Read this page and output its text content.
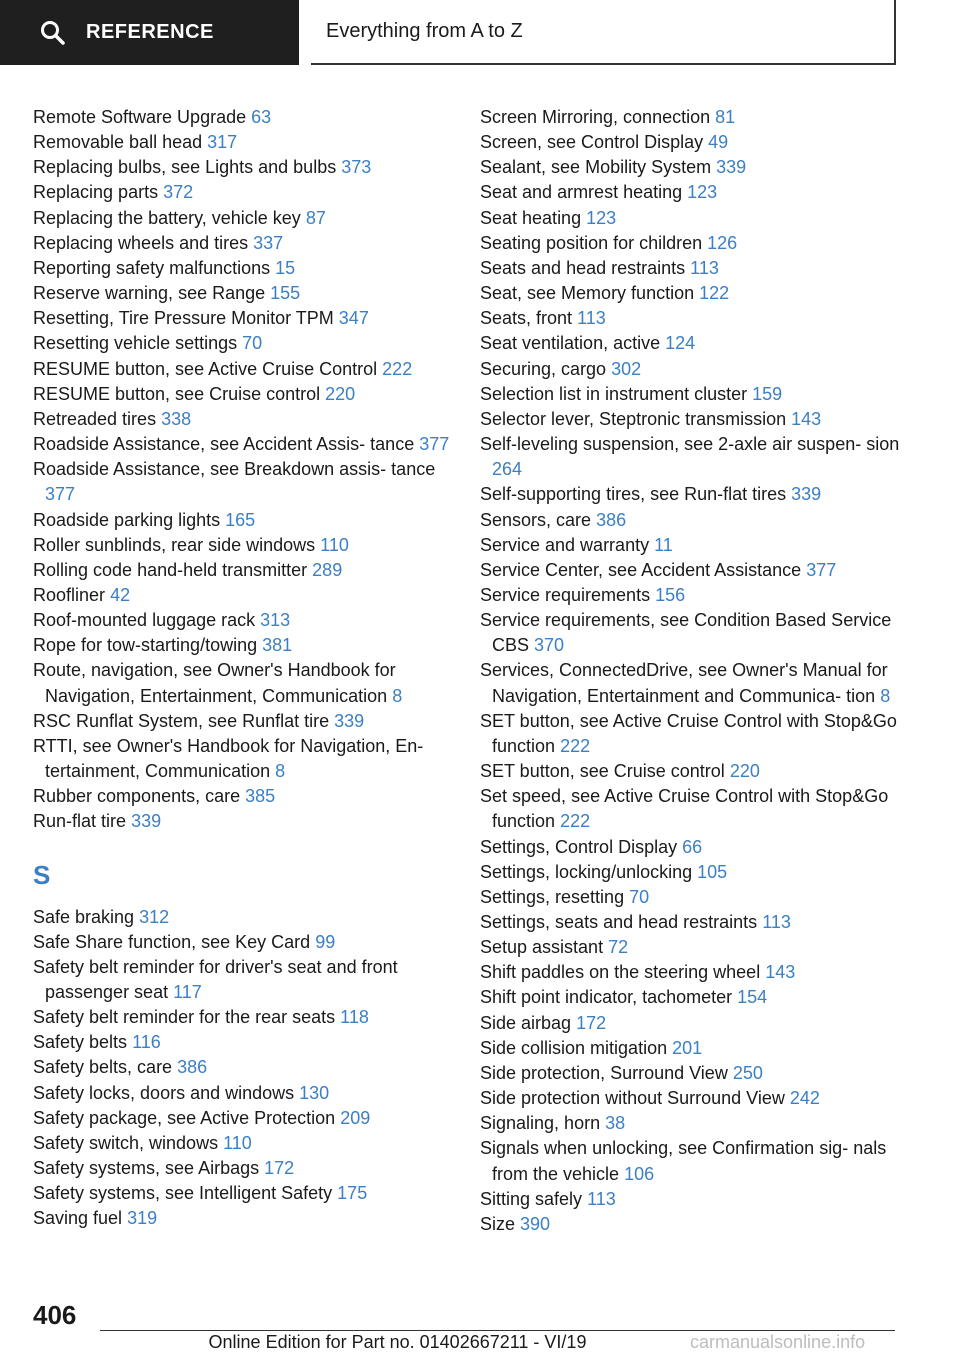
REFERENCE	Everything from A to Z

Remote Software Upgrade 63

Removable ball head 317

Replacing bulbs, see Lights and bulbs 373

Replacing parts 372

Replacing the battery, vehicle key 87

Replacing wheels and tires 337

Reporting safety malfunctions 15

Reserve warning, see Range 155

Resetting, Tire Pressure Monitor TPM 347

Resetting vehicle settings 70

RESUME button, see Active Cruise Control 222

RESUME button, see Cruise control 220

Retreaded tires 338

Roadside Assistance, see Accident Assis- tance 377

Roadside Assistance, see Breakdown assis- tance 377

Roadside parking lights 165

Roller sunblinds, rear side windows 110

Rolling code hand-held transmitter 289

Roofliner 42

Roof-mounted luggage rack 313

Rope for tow-starting/towing 381

Route, navigation, see Owner's Handbook for Navigation, Entertainment, Communication 8

RSC Runflat System, see Runflat tire 339

RTTI, see Owner's Handbook for Navigation, En- tertainment, Communication 8

Rubber components, care 385

Run-flat tire 339

S

Safe braking 312

Safe Share function, see Key Card 99

Safety belt reminder for driver's seat and front passenger seat 117

Safety belt reminder for the rear seats 118

Safety belts 116

Safety belts, care 386

Safety locks, doors and windows 130

Safety package, see Active Protection 209

Safety switch, windows 110

Safety systems, see Airbags 172

Safety systems, see Intelligent Safety 175

Saving fuel 319

Screen Mirroring, connection 81

Screen, see Control Display 49

Sealant, see Mobility System 339

Seat and armrest heating 123

Seat heating 123

Seating position for children 126

Seats and head restraints 113

Seat, see Memory function 122

Seats, front 113

Seat ventilation, active 124

Securing, cargo 302

Selection list in instrument cluster 159

Selector lever, Steptronic transmission 143

Self-leveling suspension, see 2-axle air suspen- sion 264

Self-supporting tires, see Run-flat tires 339

Sensors, care 386

Service and warranty 11

Service Center, see Accident Assistance 377

Service requirements 156

Service requirements, see Condition Based Service CBS 370

Services, ConnectedDrive, see Owner's Manual for Navigation, Entertainment and Communica- tion 8

SET button, see Active Cruise Control with Stop&Go function 222

SET button, see Cruise control 220

Set speed, see Active Cruise Control with Stop&Go function 222

Settings, Control Display 66

Settings, locking/unlocking 105

Settings, resetting 70

Settings, seats and head restraints 113

Setup assistant 72

Shift paddles on the steering wheel 143

Shift point indicator, tachometer 154

Side airbag 172

Side collision mitigation 201

Side protection, Surround View 250

Side protection without Surround View 242

Signaling, horn 38

Signals when unlocking, see Confirmation sig- nals from the vehicle 106

Sitting safely 113

Size 390

406
Online Edition for Part no. 01402667211 - VI/19	carmanualsonline.info
